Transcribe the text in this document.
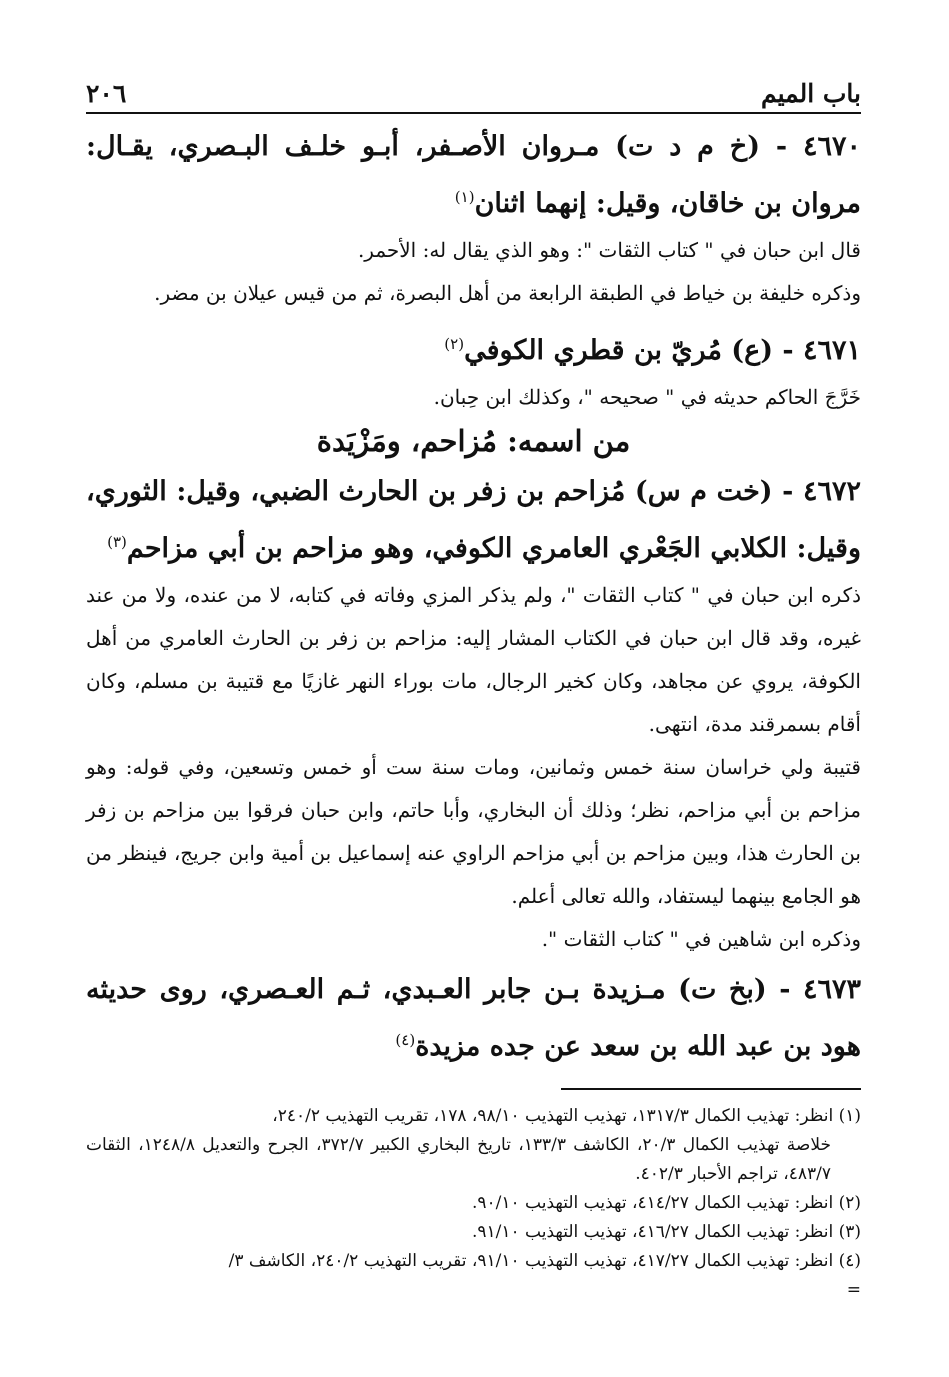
باب الميم
٢٠٦
٤٦٧٠ - (خ م د ت) مـروان الأصـفر، أبـو خلـف البـصري، يقـال: مروان بن خاقان، وقيل: إنهما اثنان$^{(١)}$

قال ابن حبان في " كتاب الثقات ": وهو الذي يقال له: الأحمر.

وذكره خليفة بن خياط في الطبقة الرابعة من أهل البصرة، ثم من قيس عيلان بن مضر.

٤٦٧١ - (ع) مُريّ بن قطري الكوفي$^{(٢)}$

خَرَّجَ الحاكم حديثه في " صحيحه "، وكذلك ابن حِبان.

من اسمه: مُزاحم، ومَزْيَدة
٤٦٧٢ - (خت م س) مُزاحم بن زفر بن الحارث الضبي، وقيل: الثوري، وقيل: الكلابي الجَعْري العامري الكوفي، وهو مزاحم بن أبي مزاحم$^{(٣)}$

ذكره ابن حبان في " كتاب الثقات "، ولم يذكر المزي وفاته في كتابه، لا من عنده، ولا من عند غيره، وقد قال ابن حبان في الكتاب المشار إليه: مزاحم بن زفر بن الحارث العامري من أهل الكوفة، يروي عن مجاهد، وكان كخير الرجال، مات بوراء النهر غازيًا مع قتيبة بن مسلم، وكان أقام بسمرقند مدة، انتهى.

قتيبة ولي خراسان سنة خمس وثمانين، ومات سنة ست أو خمس وتسعين، وفي قوله: وهو مزاحم بن أبي مزاحم، نظر؛ وذلك أن البخاري، وأبا حاتم، وابن حبان فرقوا بين مزاحم بن زفر بن الحارث هذا، وبين مزاحم بن أبي مزاحم الراوي عنه إسماعيل بن أمية وابن جريج، فينظر من هو الجامع بينهما ليستفاد، والله تعالى أعلم.

وذكره ابن شاهين في " كتاب الثقات ".

٤٦٧٣ - (بخ ت) مـزيدة بـن جابر العـبدي، ثـم العـصري، روى حديثه هود بن عبد الله بن سعد عن جده مزيدة$^{(٤)}$

(١) انظر: تهذيب الكمال ١٣١٧/٣، تهذيب التهذيب ٩٨/١٠، ١٧٨، تقريب التهذيب ٢٤٠/٢،

خلاصة تهذيب الكمال ٢٠/٣، الكاشف ١٣٣/٣، تاريخ البخاري الكبير ٣٧٢/٧، الجرح والتعديل ١٢٤٨/٨، الثقات ٤٨٣/٧، تراجم الأحبار ٤٠٢/٣.

(٢) انظر: تهذيب الكمال ٤١٤/٢٧، تهذيب التهذيب ٩٠/١٠.

(٣) انظر: تهذيب الكمال ٤١٦/٢٧، تهذيب التهذيب ٩١/١٠.

(٤) انظر: تهذيب الكمال ٤١٧/٢٧، تهذيب التهذيب ٩١/١٠، تقريب التهذيب ٢٤٠/٢، الكاشف ٣/

=
